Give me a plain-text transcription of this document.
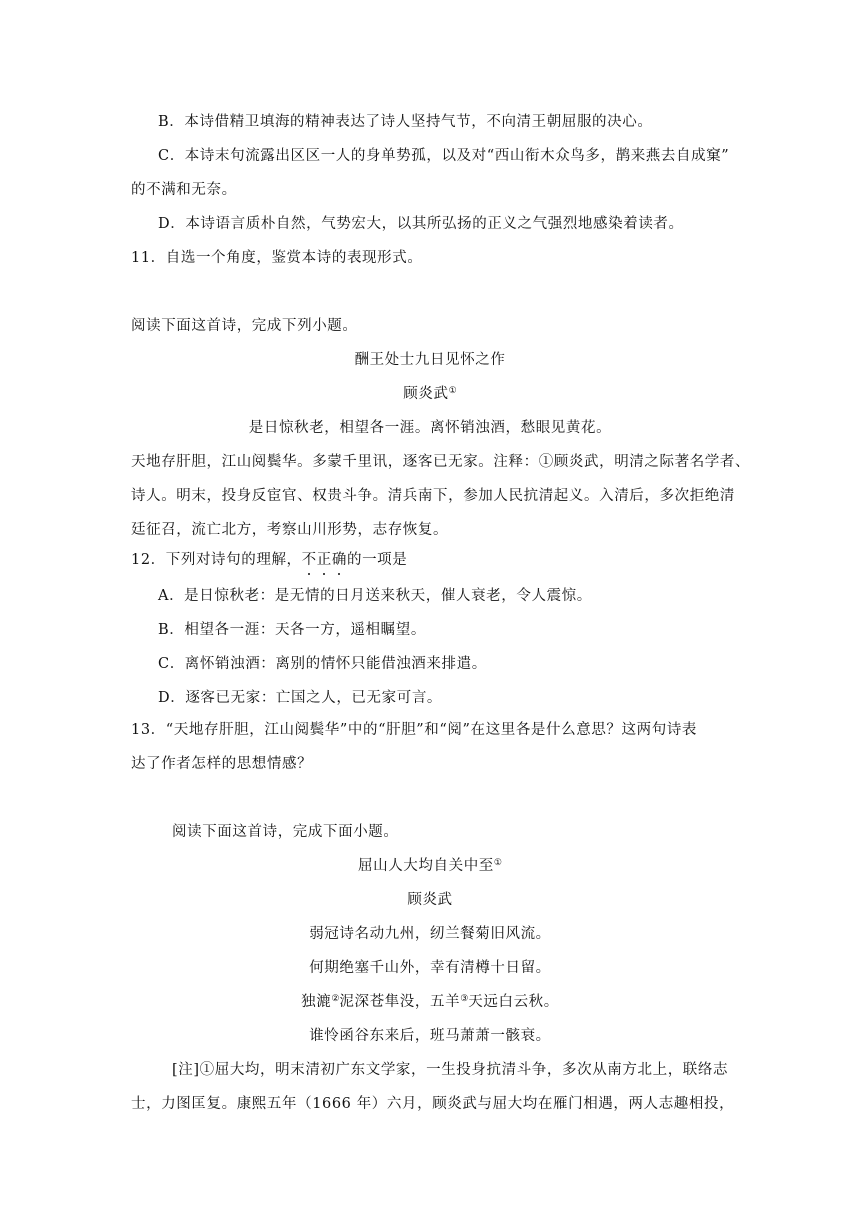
B．本诗借精卫填海的精神表达了诗人坚持气节，不向清王朝屈服的决心。
C．本诗末句流露出区区一人的身单势孤，以及对“西山衔木众鸟多，鹊来燕去自成窠”
的不满和无奈。
D．本诗语言质朴自然，气势宏大，以其所弘扬的正义之气强烈地感染着读者。
11．自选一个角度，鉴赏本诗的表现形式。
阅读下面这首诗，完成下列小题。
酬王处士九日见怀之作
顾炎武①
是日惊秋老，相望各一涯。离怀销浊酒，愁眼见黄花。
天地存肝胆，江山阅鬓华。多蒙千里讯，逐客已无家。注释：①顾炎武，明清之际著名学者、
诗人。明末，投身反宦官、权贵斗争。清兵南下，参加人民抗清起义。入清后，多次拒绝清
廷征召，流亡北方，考察山川形势，志存恢复。
12．下列对诗句的理解，不正确的一项是
A．是日惊秋老：是无情的日月送来秋天，催人衰老，令人震惊。
B．相望各一涯：天各一方，遥相瞩望。
C．离怀销浊酒：离别的情怀只能借浊酒来排遣。
D．逐客已无家：亡国之人，已无家可言。
13．“天地存肝胆，江山阅鬓华”中的“肝胆”和“阅”在这里各是什么意思？这两句诗表
达了作者怎样的思想情感？
阅读下面这首诗，完成下面小题。
屈山人大均自关中至①
顾炎武
弱冠诗名动九州，纫兰餐菊旧风流。
何期绝塞千山外，幸有清樽十日留。
独漉②泥深苍隼没，五羊③天远白云秋。
谁怜函谷东来后，班马萧萧一骸衰。
[注]①屈大均，明末清初广东文学家，一生投身抗清斗争，多次从南方北上，联络志
士，力图匡复。康熙五年（1666 年）六月，顾炎武与屈大均在雁门相遇，两人志趣相投，
